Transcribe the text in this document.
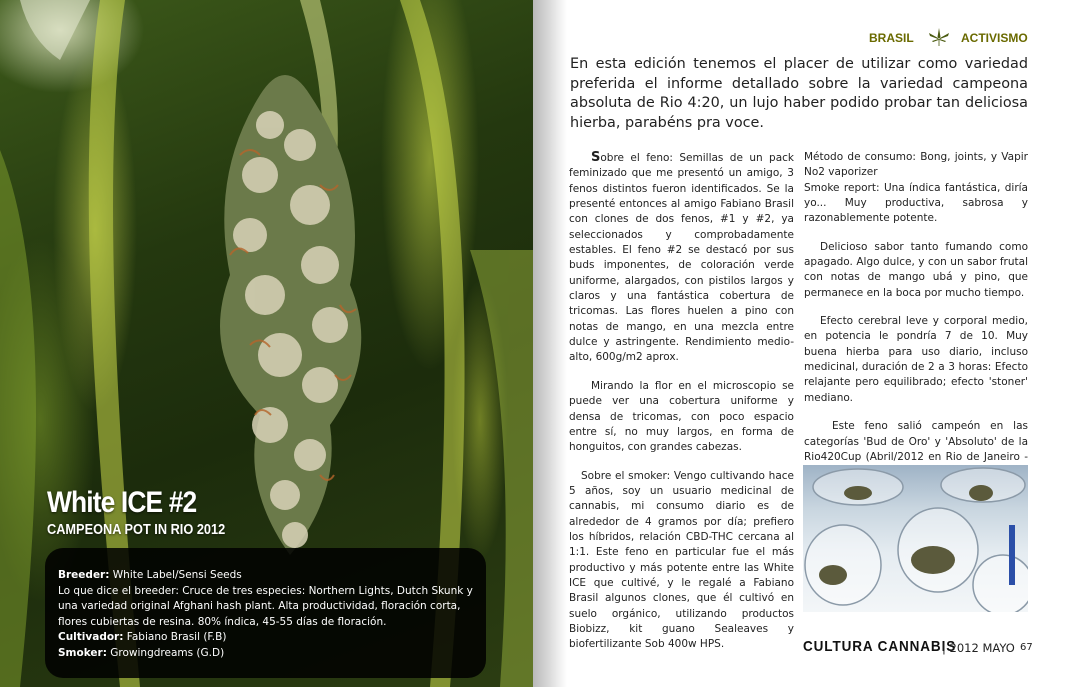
White ICE #2
CAMPEONA POT IN RIO 2012
Breeder: White Label/Sensi Seeds
Lo que dice el breeder: Cruce de tres especies: Northern Lights, Dutch Skunk y una variedad original Afghani hash plant. Alta productividad, floración corta, flores cubiertas de resina. 80% índica, 45-55 días de floración.
Cultivador: Fabiano Brasil (F.B)
Smoker: Growingdreams (G.D)
BRASIL	ACTIVISMO
En esta edición tenemos el placer de utilizar como variedad preferida el informe detallado sobre la variedad campeona absoluta de Rio 4:20, un lujo haber podido probar tan deliciosa hierba, parabéns pra voce.

Sobre el feno: Semillas de un pack feminizado que me presentó un amigo, 3 fenos distintos fueron identificados. Se la presenté entonces al amigo Fabiano Brasil con clones de dos fenos, #1 y #2, ya seleccionados y comprobadamente estables. El feno #2 se destacó por sus buds imponentes, de coloración verde uniforme, alargados, con pistilos largos y claros y una fantástica cobertura de tricomas. Las flores huelen a pino con notas de mango, en una mezcla entre dulce y astringente. Rendimiento medio-alto, 600g/m2 aprox.

Mirando la flor en el microscopio se puede ver una cobertura uniforme y densa de tricomas, con poco espacio entre sí, no muy largos, en forma de honguitos, con grandes cabezas.

Sobre el smoker: Vengo cultivando hace 5 años, soy un usuario medicinal de cannabis, mi consumo diario es de alrededor de 4 gramos por día; prefiero los híbridos, relación CBD-THC cercana al 1:1. Este feno en particular fue el más productivo y más potente entre las White ICE que cultivé, y le regalé a Fabiano Brasil algunos clones, que él cultivó en suelo orgánico, utilizando productos Biobizz, kit guano Sealeaves y biofertilizante Sob 400w HPS.

Método de consumo: Bong, joints, y Vapir No2 vaporizer
Smoke report: Una índica fantástica, diría yo... Muy productiva, sabrosa y razonablemente potente.

Delicioso sabor tanto fumando como apagado. Algo dulce, y con un sabor frutal con notas de mango ubá y pino, que permanece en la boca por mucho tiempo.

Efecto cerebral leve y corporal medio, en potencia le pondría 7 de 10. Muy buena hierba para uso diario, incluso medicinal, duración de 2 a 3 horas: Efecto relajante pero equilibrado; efecto 'stoner' mediano.

Este feno salió campeón en las categorías 'Bud de Oro' y 'Absoluto' de la Rio420Cup (Abril/2012 en Rio de Janeiro -

CULTURA CANNABIS
| 2012 MAYO 67
